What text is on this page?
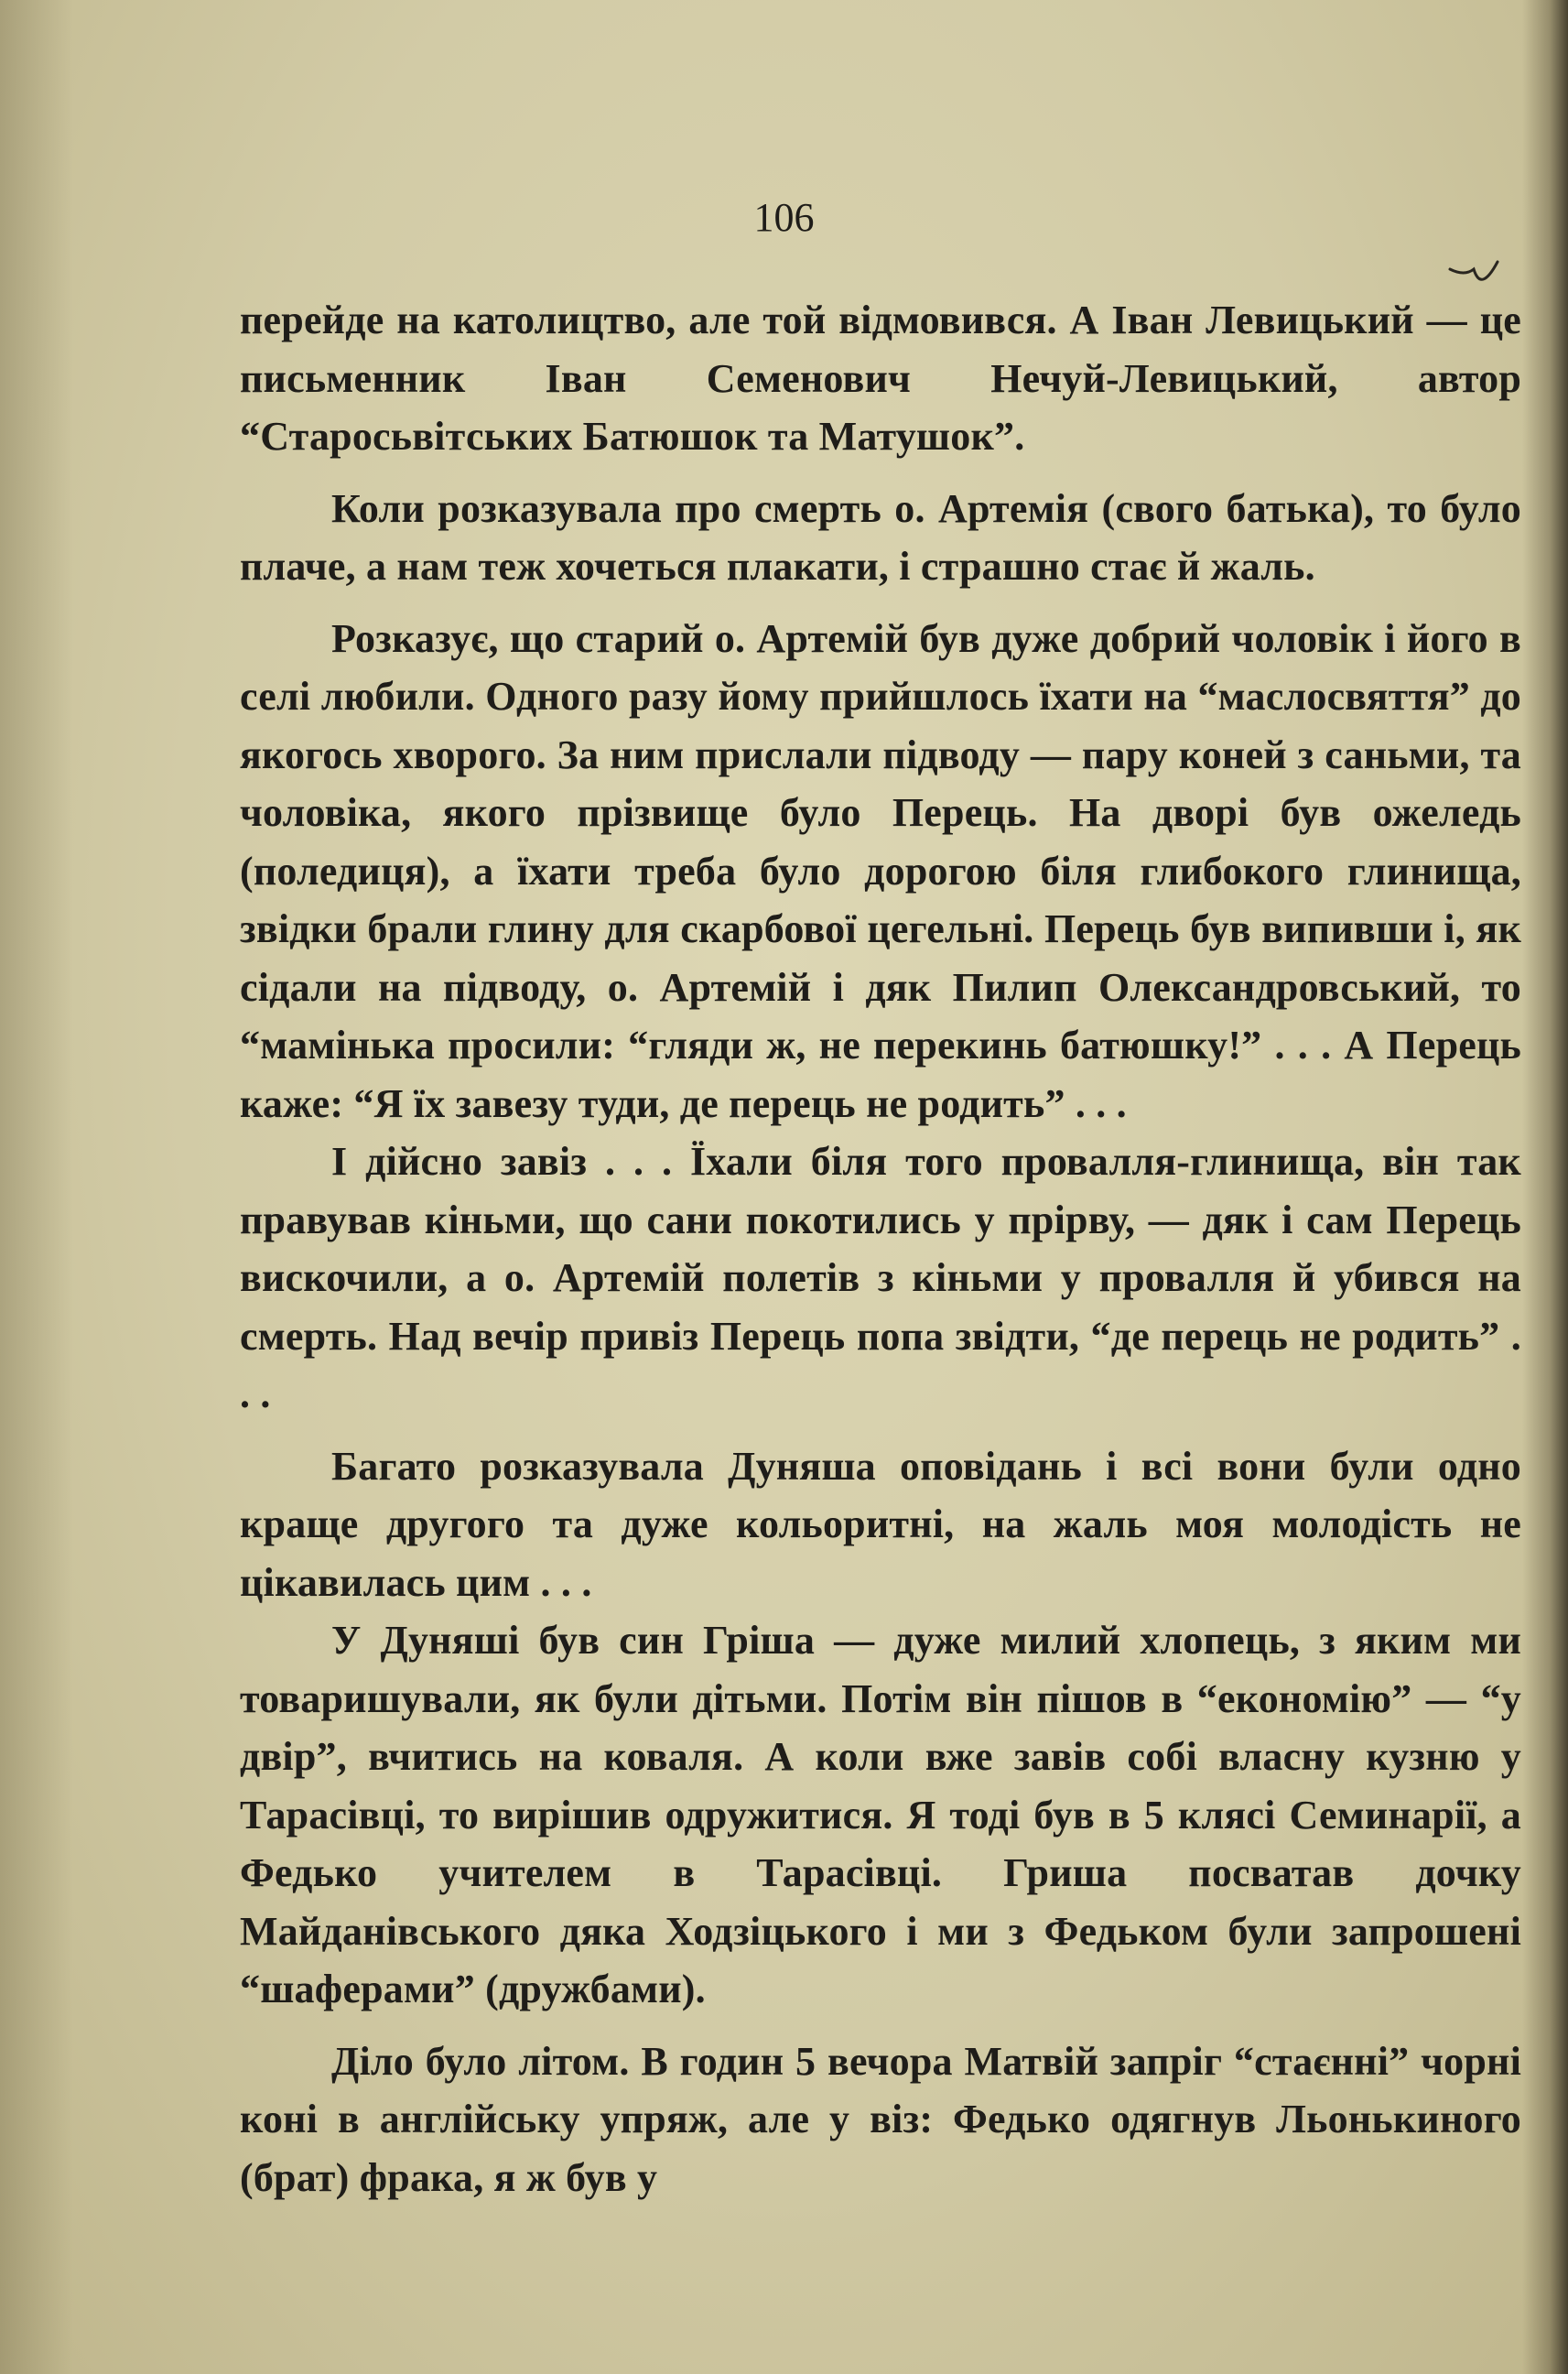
106

перейде на католицтво, але той відмовився. А Іван Левицький — це письменник Іван Семенович Нечуй-Левицький, автор “Старосьвітських Батюшок та Матушок”.

Коли розказувала про смерть о. Артемія (свого батька), то було плаче, а нам теж хочеться плакати, і страшно стає й жаль.

Розказує, що старий о. Артемій був дуже добрий чоловік і його в селі любили. Одного разу йому прийшлось їхати на “маслосвяття” до якогось хворого. За ним прислали підводу — пару коней з саньми, та чоловіка, якого прізвище було Перець. На дворі був ожеледь (поледиця), а їхати треба було дорогою біля глибокого глинища, звідки брали глину для скарбової цегельні. Перець був випивши і, як сідали на підводу, о. Артемій і дяк Пилип Олександровський, то “мамінька просили: “гляди ж, не перекинь батюшку!” . . . А Перець каже: “Я їх завезу туди, де перець не родить” . . .

І дійсно завіз . . . Їхали біля того провалля-глинища, він так правував кіньми, що сани покотились у прірву, — дяк і сам Перець вискочили, а о. Артемій полетів з кіньми у провалля й убився на смерть. Над вечір привіз Перець попа звідти, “де перець не родить” . . .

Багато розказувала Дуняша оповідань і всі вони були одно краще другого та дуже кольоритні, на жаль моя молодість не цікавилась цим . . .

У Дуняші був син Гріша — дуже милий хлопець, з яким ми товаришували, як були дітьми. Потім він пішов в “економію” — “у двір”, вчитись на коваля. А коли вже завів собі власну кузню у Тарасівці, то вирішив одружитися. Я тоді був в 5 клясі Семинарії, а Федько учителем в Тарасівці. Гриша посватав дочку Майданівського дяка Ходзіцького і ми з Федьком були запрошені “шаферами” (дружбами).

Діло було літом. В годин 5 вечора Матвій запріг “стаєнні” чорні коні в англійську упряж, але у віз: Федько одягнув Льонькиного (брат) фрака, я ж був у
